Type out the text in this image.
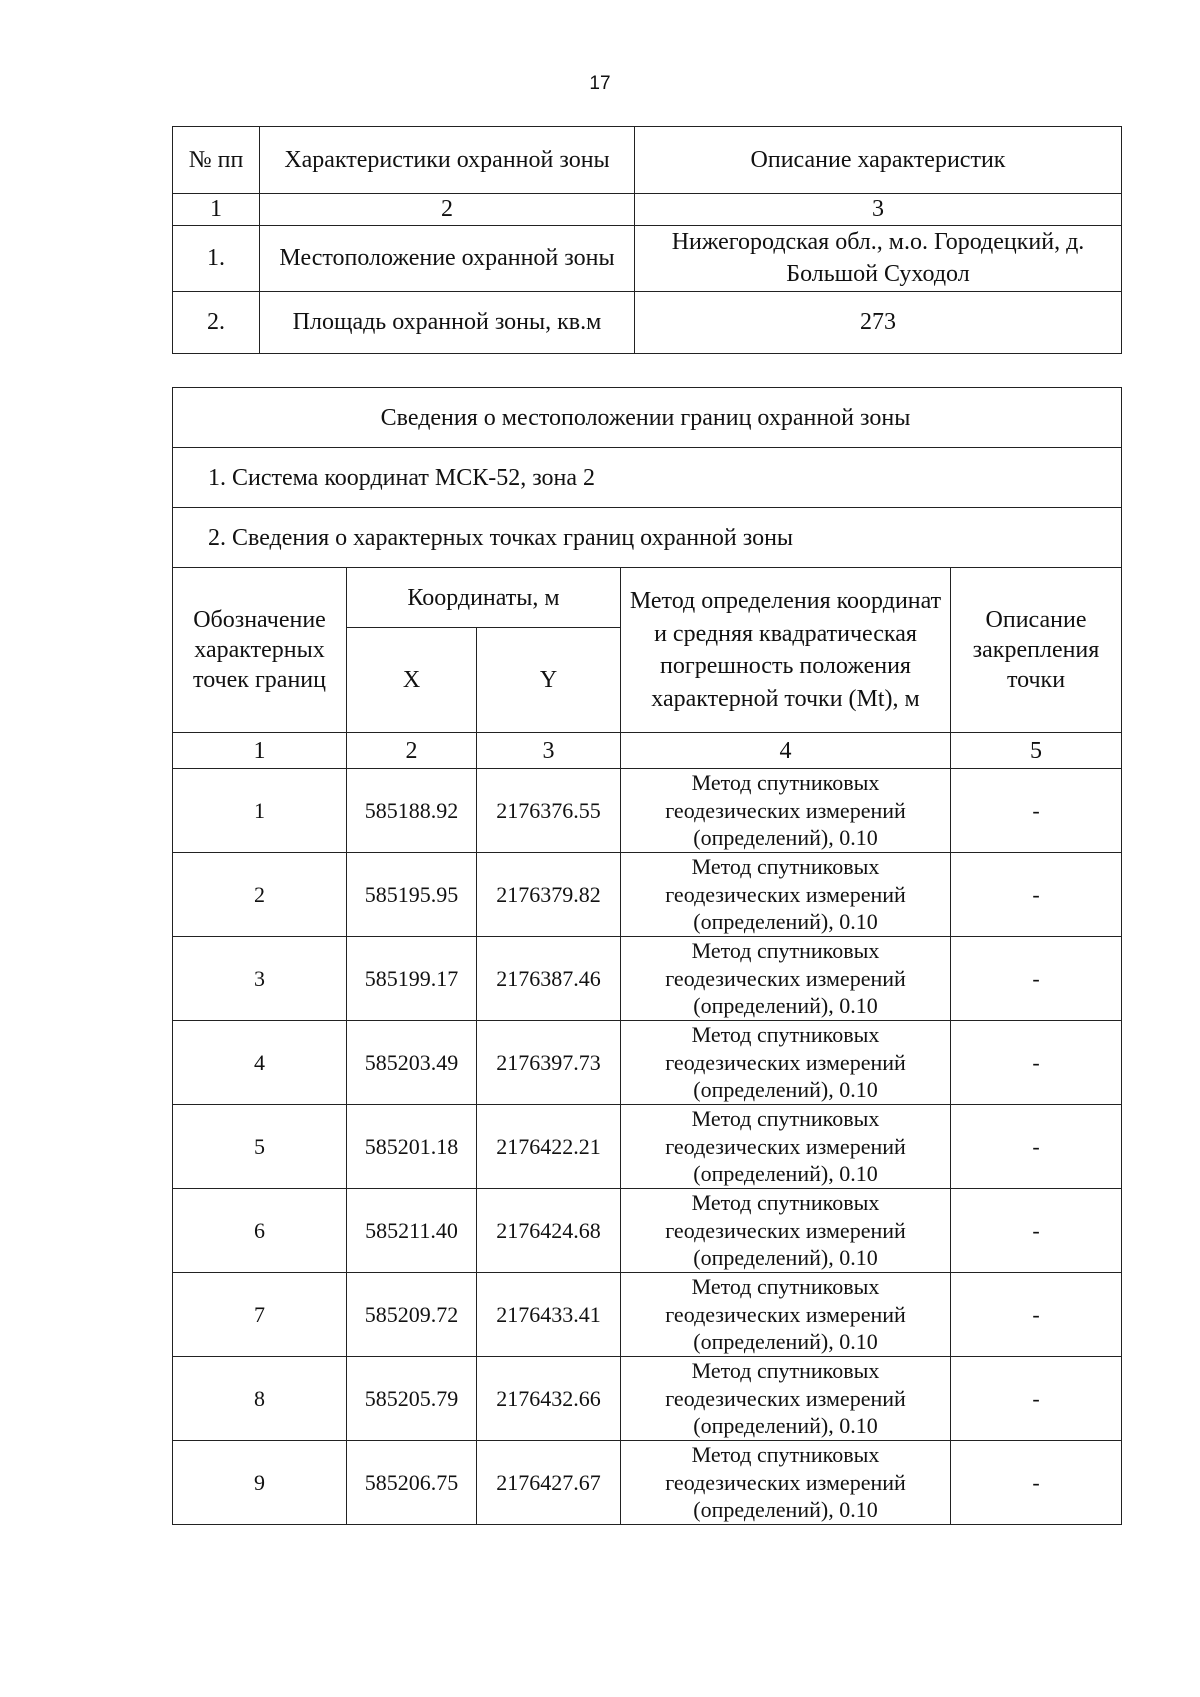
17
№ пп	Характеристики охранной зоны	Описание характеристик
1	2	3
1.	Местоположение охранной зоны	Нижегородская обл., м.о. Городецкий, д. Большой Суходол
2.	Площадь охранной зоны, кв.м	273
Сведения о местоположении границ охранной зоны				
1. Система координат МСК-52, зона 2				
2. Сведения о характерных точках границ охранной зоны				
Обозначение характерных точек границ	Координаты, м		Метод определения координат и средняя квадратическая погрешность положения характерной точки (Mt), м	Описание закрепления точки
	X	Y		
1	2	3	4	5
1	585188.92	2176376.55	Метод спутниковых геодезических измерений (определений), 0.10	-
2	585195.95	2176379.82	Метод спутниковых геодезических измерений (определений), 0.10	-
3	585199.17	2176387.46	Метод спутниковых геодезических измерений (определений), 0.10	-
4	585203.49	2176397.73	Метод спутниковых геодезических измерений (определений), 0.10	-
5	585201.18	2176422.21	Метод спутниковых геодезических измерений (определений), 0.10	-
6	585211.40	2176424.68	Метод спутниковых геодезических измерений (определений), 0.10	-
7	585209.72	2176433.41	Метод спутниковых геодезических измерений (определений), 0.10	-
8	585205.79	2176432.66	Метод спутниковых геодезических измерений (определений), 0.10	-
9	585206.75	2176427.67	Метод спутниковых геодезических измерений (определений), 0.10	-
